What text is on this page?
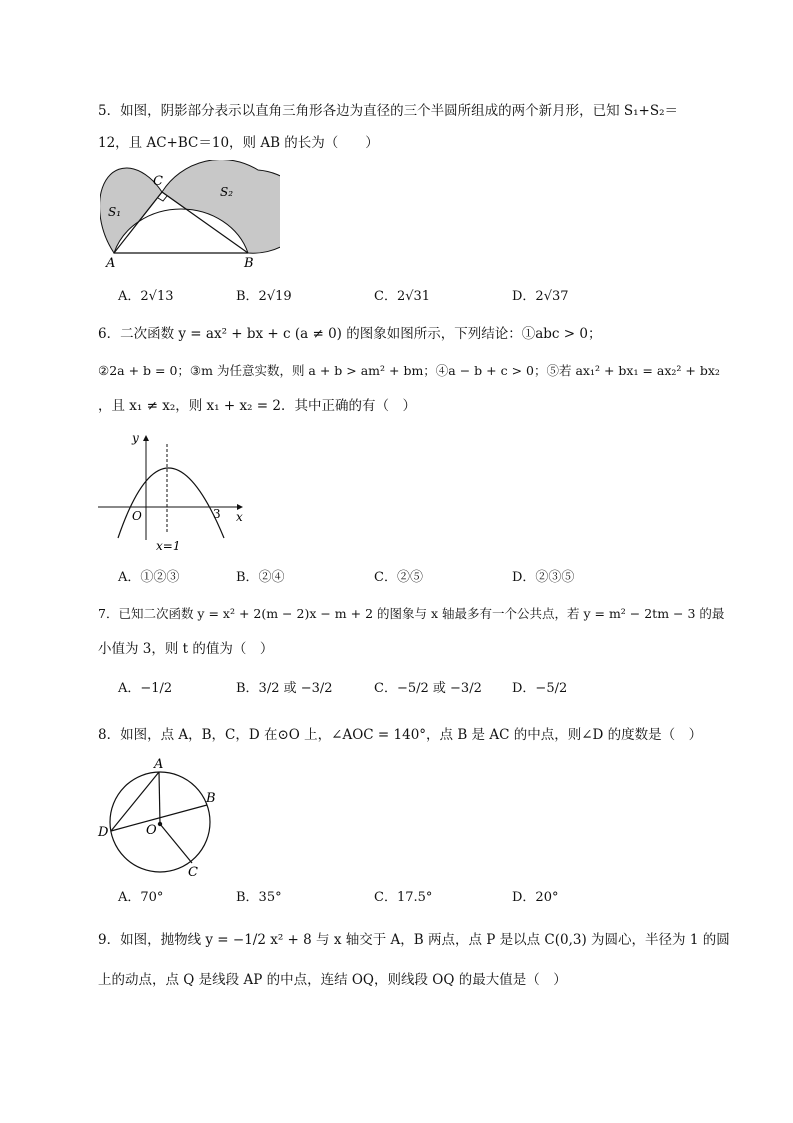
5．如图，阴影部分表示以直角三角形各边为直径的三个半圆所组成的两个新月形，已知 S₁+S₂＝
12，且 AC+BC＝10，则 AB 的长为（　　）
A	B
C
S₁
S₂
A．2√13	B．2√19	C．2√31	D．2√37
6．二次函数 y = ax² + bx + c (a ≠ 0) 的图象如图所示，下列结论：①abc > 0；
②2a + b = 0；③m 为任意实数，则 a + b > am² + bm；④a − b + c > 0；⑤若 ax₁² + bx₁ = ax₂² + bx₂
，且 x₁ ≠ x₂，则 x₁ + x₂ = 2．其中正确的有（　）
y
x
O	3
x=1
A．①②③	B．②④	C．②⑤	D．②③⑤
7．已知二次函数 y = x² + 2(m − 2)x − m + 2 的图象与 x 轴最多有一个公共点，若 y = m² − 2tm − 3 的最
小值为 3，则 t 的值为（　）
A．−1/2	B．3/2 或 −3/2	C．−5/2 或 −3/2 D．−5/2
8．如图，点 A，B，C，D 在⊙O 上，∠AOC = 140°，点 B 是 AC 的中点，则∠D 的度数是（　）
A
B
C
D	O
A．70°	B．35°	C．17.5°	D．20°
9．如图，抛物线 y = −1/2 x² + 8 与 x 轴交于 A，B 两点，点 P 是以点 C(0,3) 为圆心，半径为 1 的圆
上的动点，点 Q 是线段 AP 的中点，连结 OQ，则线段 OQ 的最大值是（　）
